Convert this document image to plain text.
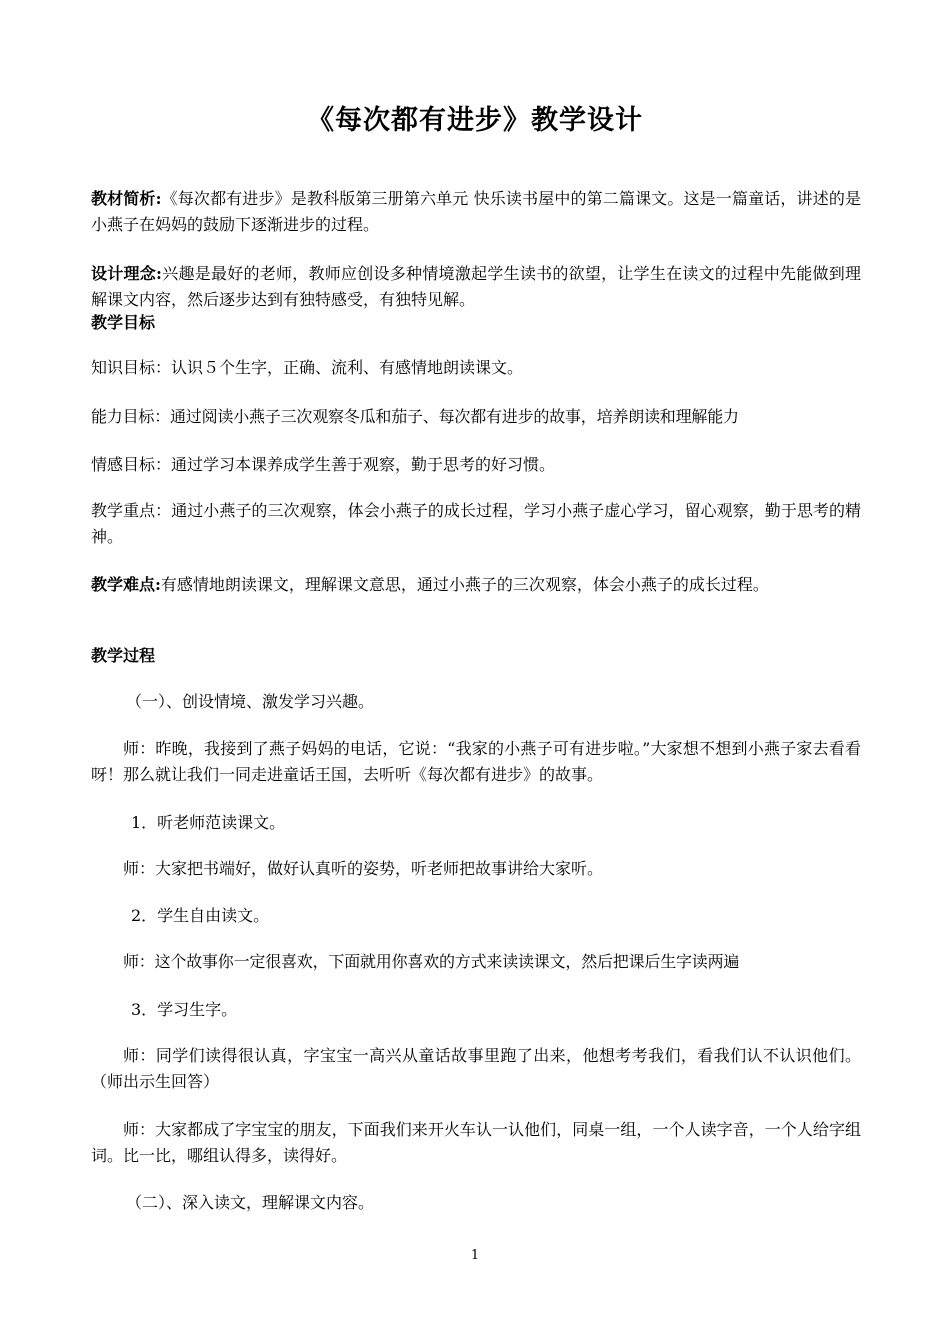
《每次都有进步》教学设计
教材简析:《每次都有进步》是教科版第三册第六单元 快乐读书屋中的第二篇课文。这是一篇童话，讲述的是小燕子在妈妈的鼓励下逐渐进步的过程。
设计理念:兴趣是最好的老师，教师应创设多种情境激起学生读书的欲望，让学生在读文的过程中先能做到理解课文内容，然后逐步达到有独特感受，有独特见解。
教学目标
知识目标：认识５个生字，正确、流利、有感情地朗读课文。
能力目标：通过阅读小燕子三次观察冬瓜和茄子、每次都有进步的故事，培养朗读和理解能力
情感目标：通过学习本课养成学生善于观察，勤于思考的好习惯。
教学重点：通过小燕子的三次观察，体会小燕子的成长过程，学习小燕子虚心学习，留心观察，勤于思考的精神。
教学难点:有感情地朗读课文，理解课文意思，通过小燕子的三次观察，体会小燕子的成长过程。
教学过程
（一）、创设情境、激发学习兴趣。
师：昨晚，我接到了燕子妈妈的电话，它说：“我家的小燕子可有进步啦。”大家想不想到小燕子家去看看呀！那么就让我们一同走进童话王国，去听听《每次都有进步》的故事。
1．听老师范读课文。
师：大家把书端好，做好认真听的姿势，听老师把故事讲给大家听。
2．学生自由读文。
师：这个故事你一定很喜欢，下面就用你喜欢的方式来读读课文，然后把课后生字读两遍
3．学习生字。
师：同学们读得很认真，字宝宝一高兴从童话故事里跑了出来，他想考考我们，看我们认不认识他们。（师出示生回答）
师：大家都成了字宝宝的朋友，下面我们来开火车认一认他们，同桌一组，一个人读字音，一个人给字组词。比一比，哪组认得多，读得好。
（二）、深入读文，理解课文内容。
1
